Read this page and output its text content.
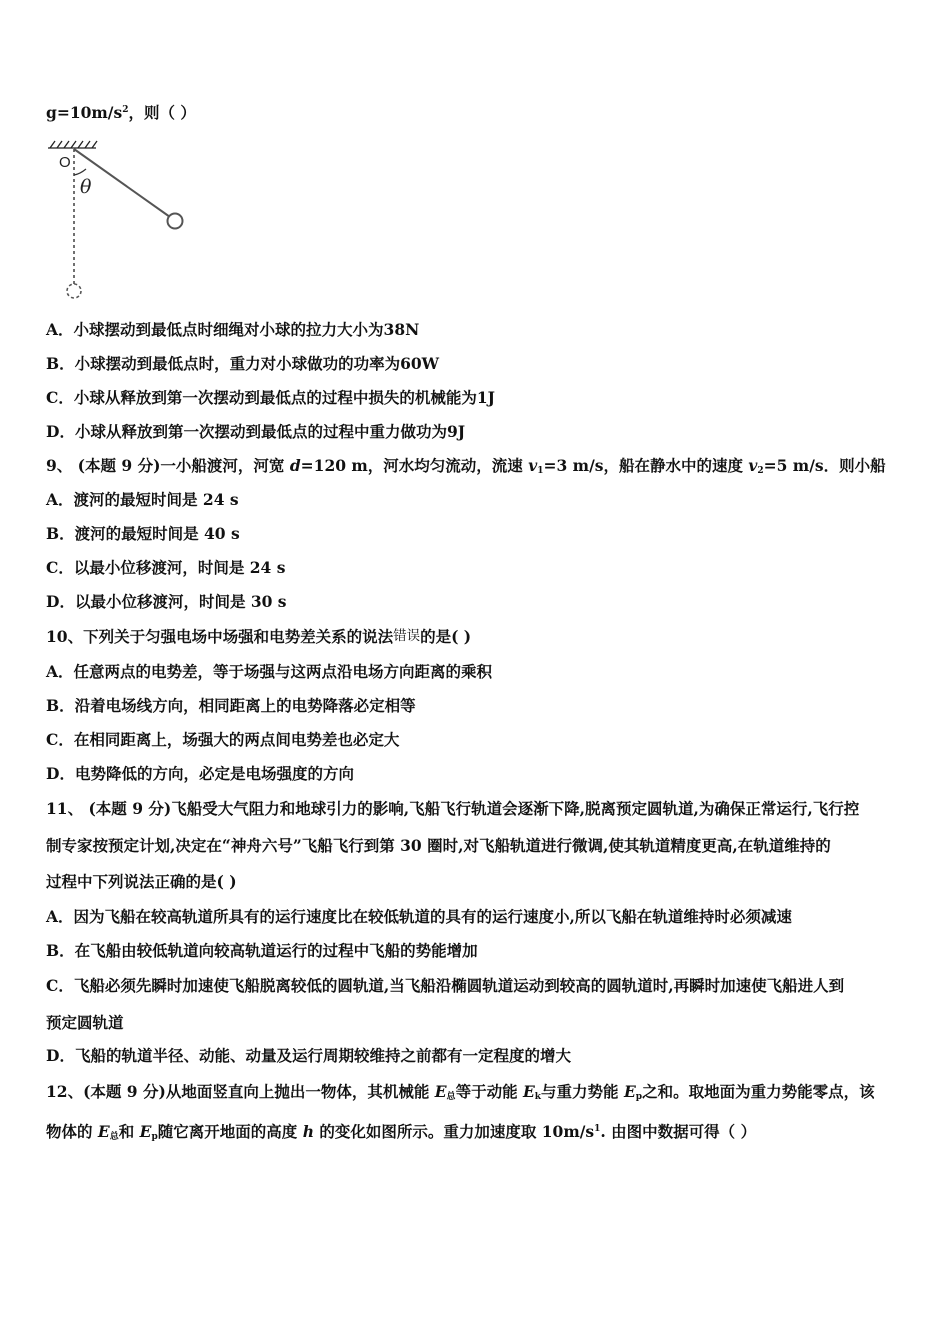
$g=10m/s^2$，则（ ）
O
θ
A．小球摆动到最低点时细绳对小球的拉力大小为38N
B．小球摆动到最低点时，重力对小球做功的功率为60W
C．小球从释放到第一次摆动到最低点的过程中损失的机械能为1J
D．小球从释放到第一次摆动到最低点的过程中重力做功为9J
9、 (本题 9 分)一小船渡河，河宽 d=120 m，河水均匀流动，流速 $v_1=3$ m/s，船在静水中的速度 $v_2=5$ m/s．则小船
A．渡河的最短时间是 24 s
B．渡河的最短时间是 40 s
C．以最小位移渡河，时间是 24 s
D．以最小位移渡河，时间是 30 s
10、下列关于匀强电场中场强和电势差关系的说法错误的是( )
A．任意两点的电势差，等于场强与这两点沿电场方向距离的乘积
B．沿着电场线方向，相同距离上的电势降落必定相等
C．在相同距离上，场强大的两点间电势差也必定大
D．电势降低的方向，必定是电场强度的方向
11、 (本题 9 分)飞船受大气阻力和地球引力的影响,飞船飞行轨道会逐渐下降,脱离预定圆轨道,为确保正常运行,飞行控
制专家按预定计划,决定在“神舟六号”飞船飞行到第 30 圈时,对飞船轨道进行微调,使其轨道精度更高,在轨道维持的
过程中下列说法正确的是( )
A．因为飞船在较高轨道所具有的运行速度比在较低轨道的具有的运行速度小,所以飞船在轨道维持时必须减速
B．在飞船由较低轨道向较高轨道运行的过程中飞船的势能增加
C．飞船必须先瞬时加速使飞船脱离较低的圆轨道,当飞船沿椭圆轨道运动到较高的圆轨道时,再瞬时加速使飞船进人到
预定圆轨道
D．飞船的轨道半径、动能、动量及运行周期较维持之前都有一定程度的增大
12、(本题 9 分)从地面竖直向上抛出一物体，其机械能 $E_总$等于动能 $E_k$与重力势能 $E_p$之和。取地面为重力势能零点，该
物体的 $E_总$和 $E_p$随它离开地面的高度 h 的变化如图所示。重力加速度取 $10m/s^1$. 由图中数据可得（ ）
